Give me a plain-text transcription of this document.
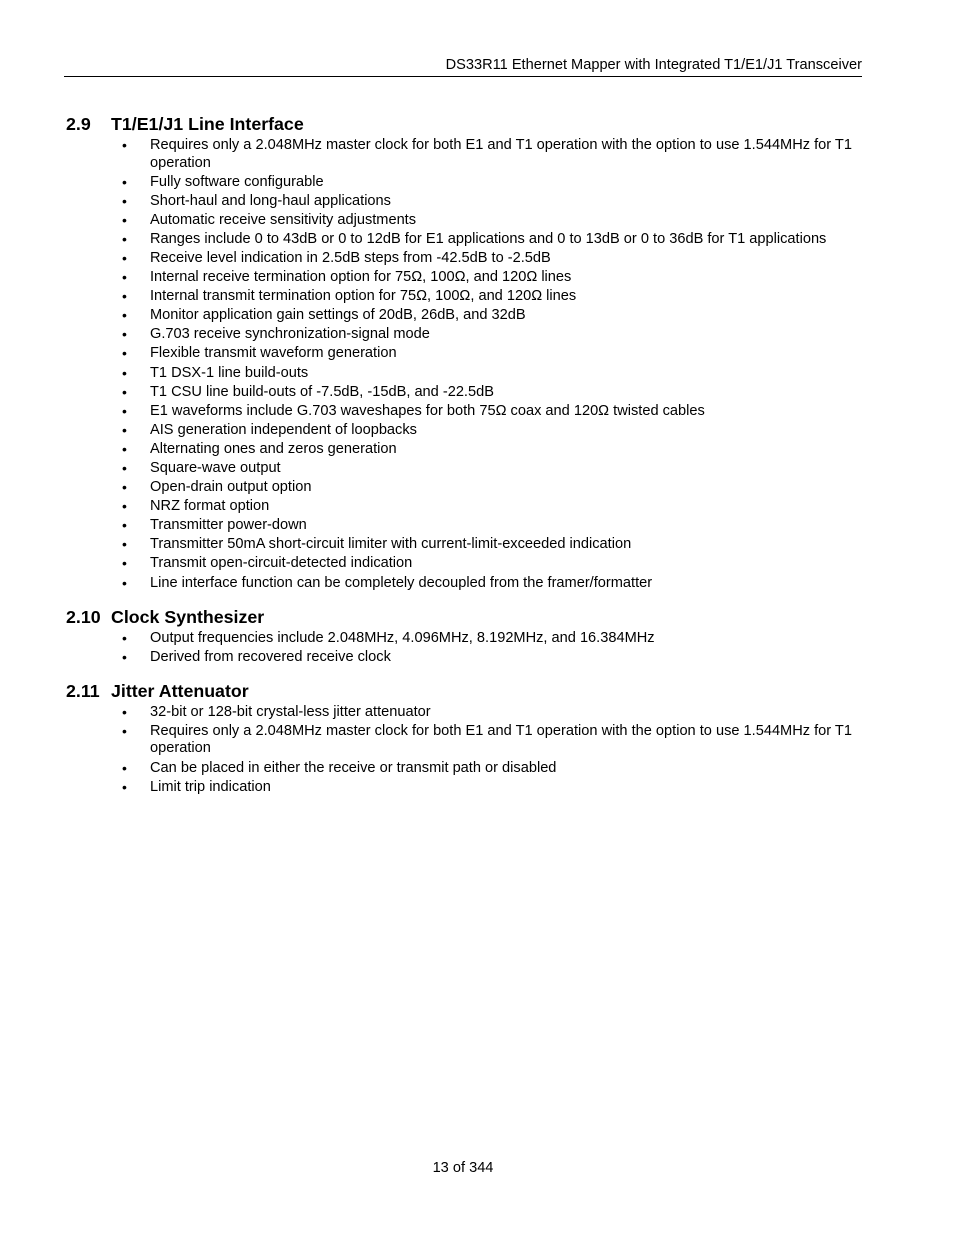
DS33R11 Ethernet Mapper with Integrated T1/E1/J1 Transceiver
2.9	T1/E1/J1 Line Interface
• Requires only a 2.048MHz master clock for both E1 and T1 operation with the option to use 1.544MHz for T1 operation
• Fully software configurable
• Short-haul and long-haul applications
• Automatic receive sensitivity adjustments
• Ranges include 0 to 43dB or 0 to 12dB for E1 applications and 0 to 13dB or 0 to 36dB for T1 applications
• Receive level indication in 2.5dB steps from -42.5dB to -2.5dB
• Internal receive termination option for 75Ω, 100Ω, and 120Ω lines
• Internal transmit termination option for 75Ω, 100Ω, and 120Ω lines
• Monitor application gain settings of 20dB, 26dB, and 32dB
• G.703 receive synchronization-signal mode
• Flexible transmit waveform generation
• T1 DSX-1 line build-outs
• T1 CSU line build-outs of -7.5dB, -15dB, and -22.5dB
• E1 waveforms include G.703 waveshapes for both 75Ω coax and 120Ω twisted cables
• AIS generation independent of loopbacks
• Alternating ones and zeros generation
• Square-wave output
• Open-drain output option
• NRZ format option
• Transmitter power-down
• Transmitter 50mA short-circuit limiter with current-limit-exceeded indication
• Transmit open-circuit-detected indication
• Line interface function can be completely decoupled from the framer/formatter
2.10 Clock Synthesizer
• Output frequencies include 2.048MHz, 4.096MHz, 8.192MHz, and 16.384MHz
• Derived from recovered receive clock
2.11 Jitter Attenuator
• 32-bit or 128-bit crystal-less jitter attenuator
• Requires only a 2.048MHz master clock for both E1 and T1 operation with the option to use 1.544MHz for T1 operation
• Can be placed in either the receive or transmit path or disabled
• Limit trip indication
13 of 344
